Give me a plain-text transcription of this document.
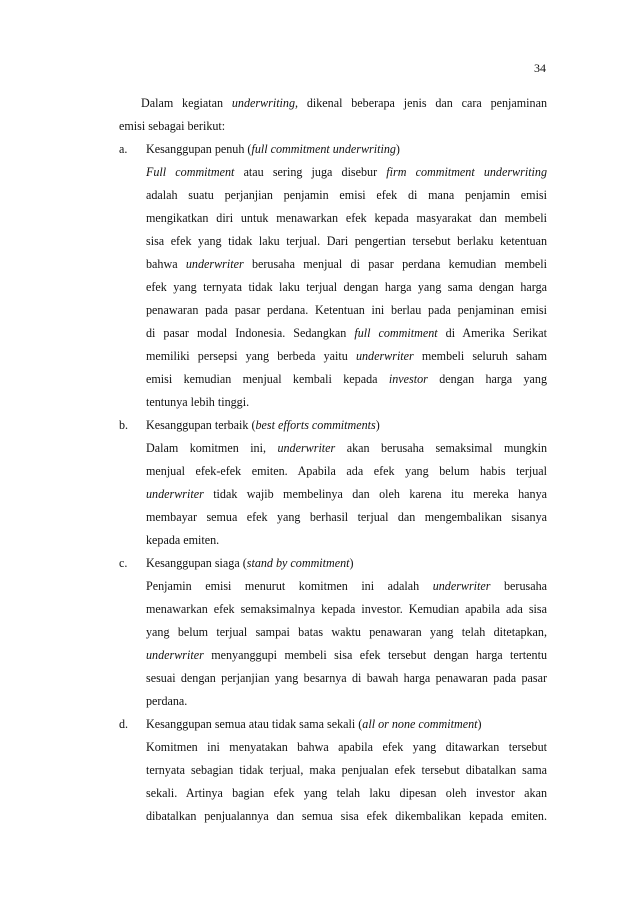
34
Dalam kegiatan underwriting, dikenal beberapa jenis dan cara penjaminan
emisi sebagai berikut:
a. Kesanggupan penuh (full commitment underwriting)
Full commitment atau sering juga disebur firm commitment underwriting
adalah suatu perjanjian penjamin emisi efek di mana penjamin emisi
mengikatkan diri untuk menawarkan efek kepada masyarakat dan membeli
sisa efek yang tidak laku terjual. Dari pengertian tersebut berlaku ketentuan
bahwa underwriter berusaha menjual di pasar perdana kemudian membeli
efek yang ternyata tidak laku terjual dengan harga yang sama dengan harga
penawaran pada pasar perdana. Ketentuan ini berlau pada penjaminan emisi
di pasar modal Indonesia. Sedangkan full commitment di Amerika Serikat
memiliki persepsi yang berbeda yaitu underwriter membeli seluruh saham
emisi kemudian menjual kembali kepada investor dengan harga yang
tentunya lebih tinggi.
b. Kesanggupan terbaik (best efforts commitments)
Dalam komitmen ini, underwriter akan berusaha semaksimal mungkin
menjual efek-efek emiten. Apabila ada efek yang belum habis terjual
underwriter tidak wajib membelinya dan oleh karena itu mereka hanya
membayar semua efek yang berhasil terjual dan mengembalikan sisanya
kepada emiten.
c. Kesanggupan siaga (stand by commitment)
Penjamin emisi menurut komitmen ini adalah underwriter berusaha
menawarkan efek semaksimalnya kepada investor. Kemudian apabila ada sisa
yang belum terjual sampai batas waktu penawaran yang telah ditetapkan,
underwriter menyanggupi membeli sisa efek tersebut dengan harga tertentu
sesuai dengan perjanjian yang besarnya di bawah harga penawaran pada pasar
perdana.
d. Kesanggupan semua atau tidak sama sekali (all or none commitment)
Komitmen ini menyatakan bahwa apabila efek yang ditawarkan tersebut
ternyata sebagian tidak terjual, maka penjualan efek tersebut dibatalkan sama
sekali. Artinya bagian efek yang telah laku dipesan oleh investor akan
dibatalkan penjualannya dan semua sisa efek dikembalikan kepada emiten.
